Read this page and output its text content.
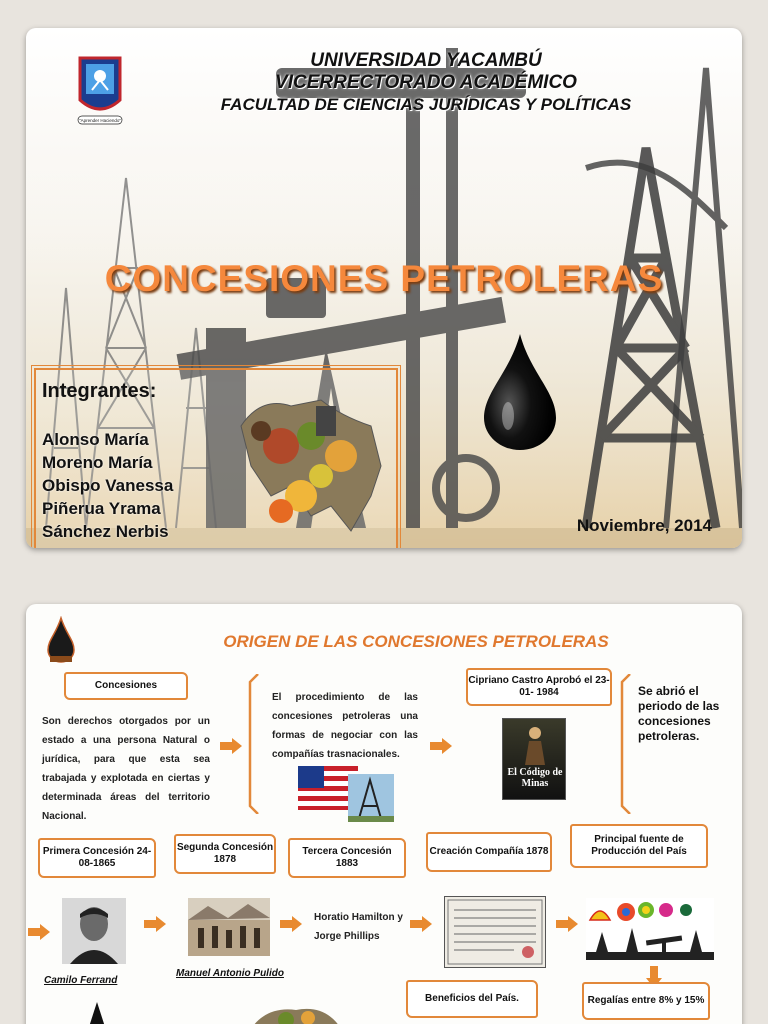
"Aprender Haciendo"
UNIVERSIDAD YACAMBÚ
VICERRECTORADO ACADÉMICO
FACULTAD DE CIENCIAS JURÍDICAS Y POLÍTICAS
CONCESIONES PETROLERAS
Integrantes:
Alonso María
Moreno María
Obispo Vanessa
Piñerua Yrama
Sánchez Nerbis	Noviembre, 2014
ORIGEN DE LAS CONCESIONES PETROLERAS
Concesiones
Son derechos otorgados por un estado a una persona Natural o jurídica, para que esta sea trabajada y explotada en ciertas y determinada áreas del territorio Nacional.
El procedimiento de las concesiones petroleras una formas de negociar con las compañías trasnacionales.
Cipriano Castro Aprobó el 23-01- 1984
El Código de Minas
Se abrió el periodo de las concesiones petroleras.
Primera Concesión 24-08-1865
Segunda Concesión 1878
Tercera Concesión 1883
Creación Compañía 1878
Principal fuente de Producción del País
Camilo Ferrand
Manuel Antonio Pulido
Horatio Hamilton y Jorge Phillips
Beneficios del País.	Regalías entre 8% y 15%
